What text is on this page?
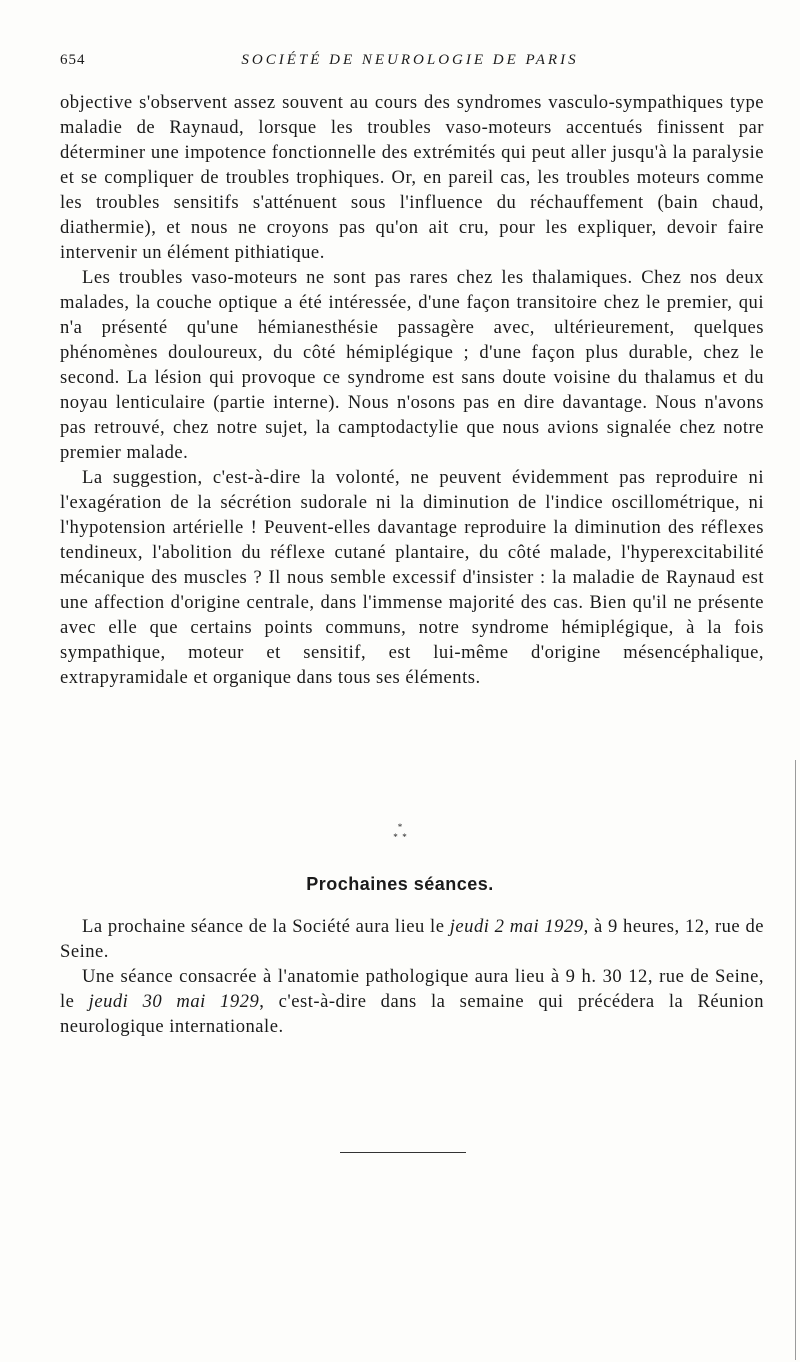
654	SOCIÉTÉ DE NEUROLOGIE DE PARIS

objective s'observent assez souvent au cours des syndromes vasculo-sympathiques type maladie de Raynaud, lorsque les troubles vaso-moteurs accentués finissent par déterminer une impotence fonctionnelle des extrémités qui peut aller jusqu'à la paralysie et se compliquer de troubles trophiques. Or, en pareil cas, les troubles moteurs comme les troubles sensitifs s'atténuent sous l'influence du réchauffement (bain chaud, diathermie), et nous ne croyons pas qu'on ait cru, pour les expliquer, devoir faire intervenir un élément pithiatique.

Les troubles vaso-moteurs ne sont pas rares chez les thalamiques. Chez nos deux malades, la couche optique a été intéressée, d'une façon transitoire chez le premier, qui n'a présenté qu'une hémianesthésie passagère avec, ultérieurement, quelques phénomènes douloureux, du côté hémiplégique ; d'une façon plus durable, chez le second. La lésion qui provoque ce syndrome est sans doute voisine du thalamus et du noyau lenticulaire (partie interne). Nous n'osons pas en dire davantage. Nous n'avons pas retrouvé, chez notre sujet, la camptodactylie que nous avions signalée chez notre premier malade.

La suggestion, c'est-à-dire la volonté, ne peuvent évidemment pas reproduire ni l'exagération de la sécrétion sudorale ni la diminution de l'indice oscillométrique, ni l'hypotension artérielle ! Peuvent-elles davantage reproduire la diminution des réflexes tendineux, l'abolition du réflexe cutané plantaire, du côté malade, l'hyperexcitabilité mécanique des muscles ? Il nous semble excessif d'insister : la maladie de Raynaud est une affection d'origine centrale, dans l'immense majorité des cas. Bien qu'il ne présente avec elle que certains points communs, notre syndrome hémiplégique, à la fois sympathique, moteur et sensitif, est lui-même d'origine mésencéphalique, extrapyramidale et organique dans tous ses éléments.

*
*  *
Prochaines séances.

La prochaine séance de la Société aura lieu le jeudi 2 mai 1929, à 9 heures, 12, rue de Seine.

Une séance consacrée à l'anatomie pathologique aura lieu à 9 h. 30 12, rue de Seine, le jeudi 30 mai 1929, c'est-à-dire dans la semaine qui précédera la Réunion neurologique internationale.
